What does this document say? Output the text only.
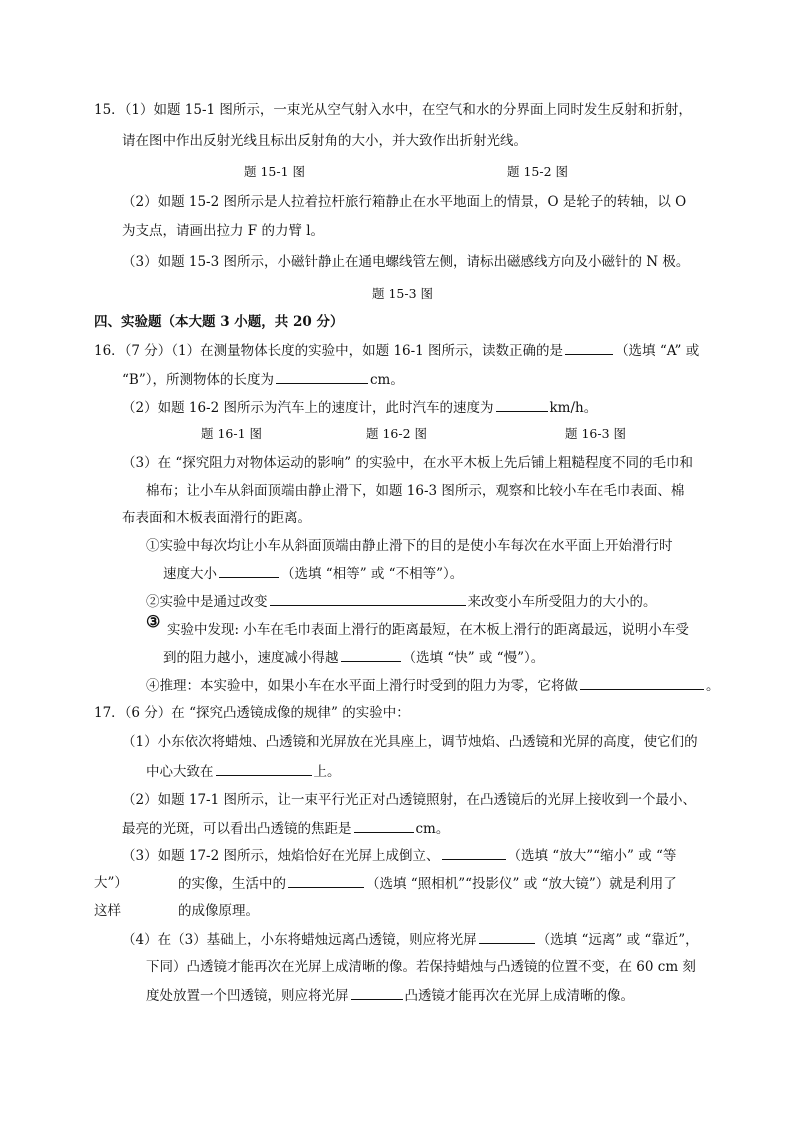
15．（1）如题 15-1 图所示，一束光从空气射入水中，在空气和水的分界面上同时发生反射和折射，
请在图中作出反射光线且标出反射角的大小，并大致作出折射光线。
题 15-1 图	题 15-2 图
（2）如题 15-2 图所示是人拉着拉杆旅行箱静止在水平地面上的情景，O 是轮子的转轴，以 O
为支点，请画出拉力 F 的力臂 l。
（3）如题 15-3 图所示，小磁针静止在通电螺线管左侧，请标出磁感线方向及小磁针的 N 极。
题 15-3 图
四、实验题（本大题 3 小题，共 20 分）
16．（7 分）（1）在测量物体长度的实验中，如题 16-1 图所示，读数正确的是	（选填 “A” 或
“B”），所测物体的长度为	cm。
（2）如题 16-2 图所示为汽车上的速度计，此时汽车的速度为	km/h。
题 16-1 图	题 16-2 图	题 16-3 图
（3）在 “探究阻力对物体运动的影响” 的实验中，在水平木板上先后铺上粗糙程度不同的毛巾和
棉布；让小车从斜面顶端由静止滑下，如题 16-3 图所示，观察和比较小车在毛巾表面、棉
布表面和木板表面滑行的距离。
①实验中每次均让小车从斜面顶端由静止滑下的目的是使小车每次在水平面上开始滑行时
速度大小	（选填 “相等” 或 “不相等”）。
②实验中是通过改变	来改变小车所受阻力的大小的。
③ 实验中发现: 小车在毛巾表面上滑行的距离最短，在木板上滑行的距离最远，说明小车受
到的阻力越小，速度减小得越	（选填 “快” 或 “慢”）。
④推理：本实验中，如果小车在水平面上滑行时受到的阻力为零，它将做	。
17．（6 分）在 “探究凸透镜成像的规律” 的实验中：
（1）小东依次将蜡烛、凸透镜和光屏放在光具座上，调节烛焰、凸透镜和光屏的高度，使它们的
中心大致在	上。
（2）如题 17-1 图所示，让一束平行光正对凸透镜照射，在凸透镜后的光屏上接收到一个最小、
最亮的光斑，可以看出凸透镜的焦距是	cm。
（3）如题 17-2 图所示，烛焰恰好在光屏上成倒立、	（选填 “放大”“缩小” 或 “等
大”）	的实像，生活中的	（选填 “照相机”“投影仪” 或 “放大镜”）就是利用了
这样	的成像原理。
（4）在（3）基础上，小东将蜡烛远离凸透镜，则应将光屏	（选填 “远离” 或 “靠近”，
下同）凸透镜才能再次在光屏上成清晰的像。若保持蜡烛与凸透镜的位置不变，在 60 cm 刻
度处放置一个凹透镜，则应将光屏	凸透镜才能再次在光屏上成清晰的像。
